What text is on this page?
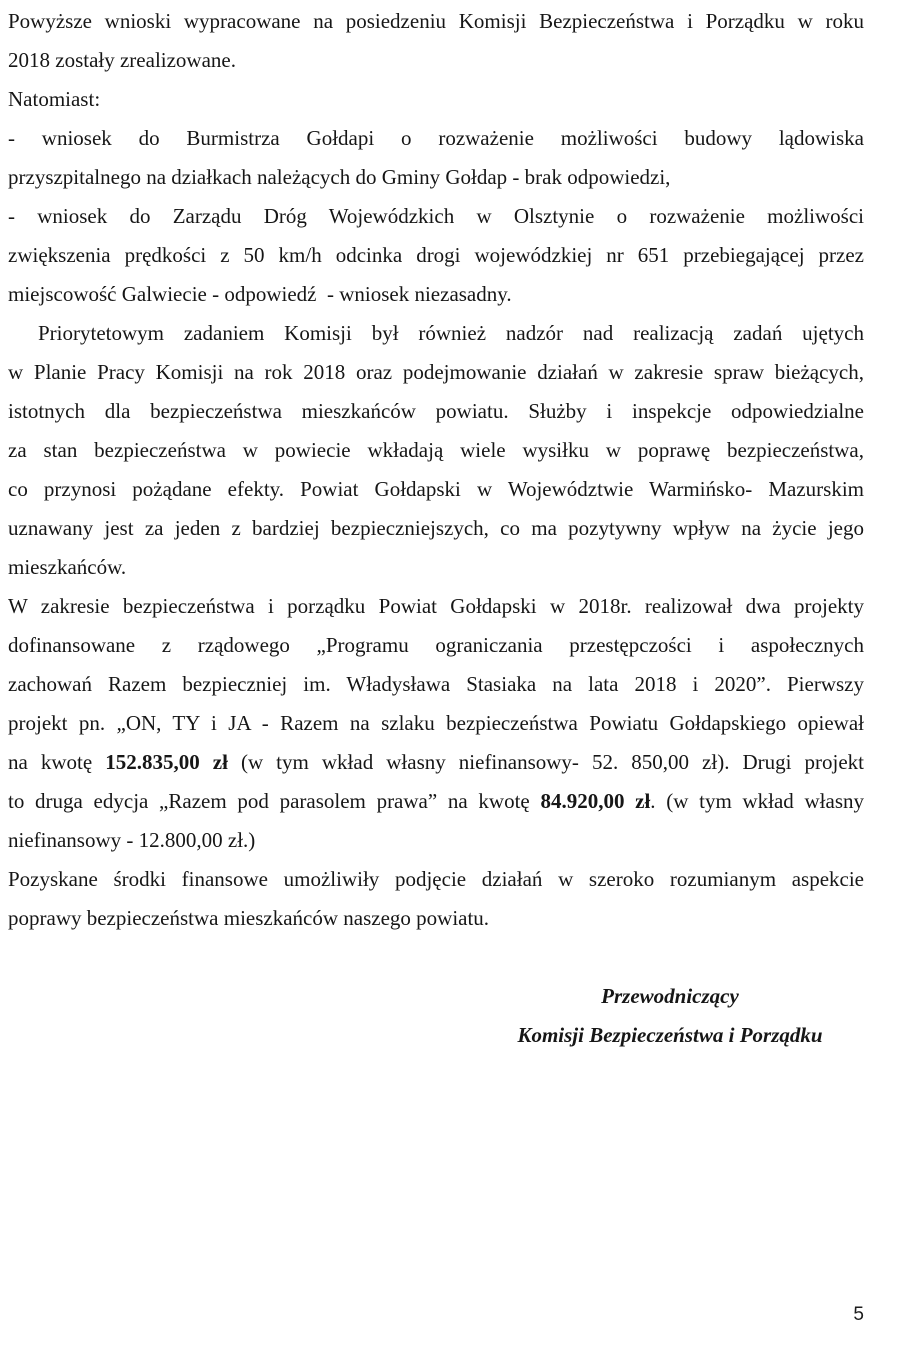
Powyższe wnioski wypracowane na posiedzeniu Komisji Bezpieczeństwa i Porządku w roku
2018 zostały zrealizowane.
Natomiast:
- wniosek do Burmistrza Gołdapi o rozważenie możliwości budowy lądowiska
przyszpitalnego na działkach należących do Gminy Gołdap - brak odpowiedzi,
- wniosek do Zarządu Dróg Wojewódzkich w Olsztynie o rozważenie możliwości
zwiększenia prędkości z 50 km/h odcinka drogi wojewódzkiej nr 651 przebiegającej przez
miejscowość Galwiecie - odpowiedź  - wniosek niezasadny.
Priorytetowym zadaniem Komisji był również nadzór nad realizacją zadań ujętych
w Planie Pracy Komisji na rok 2018 oraz podejmowanie działań w zakresie spraw bieżących,
istotnych dla bezpieczeństwa mieszkańców powiatu. Służby i inspekcje odpowiedzialne
za stan bezpieczeństwa w powiecie wkładają wiele wysiłku w poprawę bezpieczeństwa,
co przynosi pożądane efekty. Powiat Gołdapski w Województwie Warmińsko- Mazurskim
uznawany jest za jeden z bardziej bezpieczniejszych, co ma pozytywny wpływ na życie jego
mieszkańców.
W zakresie bezpieczeństwa i porządku Powiat Gołdapski w 2018r. realizował dwa projekty
dofinansowane z rządowego „Programu ograniczania przestępczości i aspołecznych
zachowań Razem bezpieczniej im. Władysława Stasiaka na lata 2018 i 2020”. Pierwszy
projekt pn. „ON, TY i JA - Razem na szlaku bezpieczeństwa Powiatu Gołdapskiego opiewał
na kwotę 152.835,00 zł (w tym wkład własny niefinansowy- 52. 850,00 zł). Drugi projekt
to druga edycja „Razem pod parasolem prawa” na kwotę 84.920,00 zł. (w tym wkład własny
niefinansowy - 12.800,00 zł.)
Pozyskane środki finansowe umożliwiły podjęcie działań w szeroko rozumianym aspekcie
poprawy bezpieczeństwa mieszkańców naszego powiatu.
Przewodniczący
Komisji Bezpieczeństwa i Porządku
5
